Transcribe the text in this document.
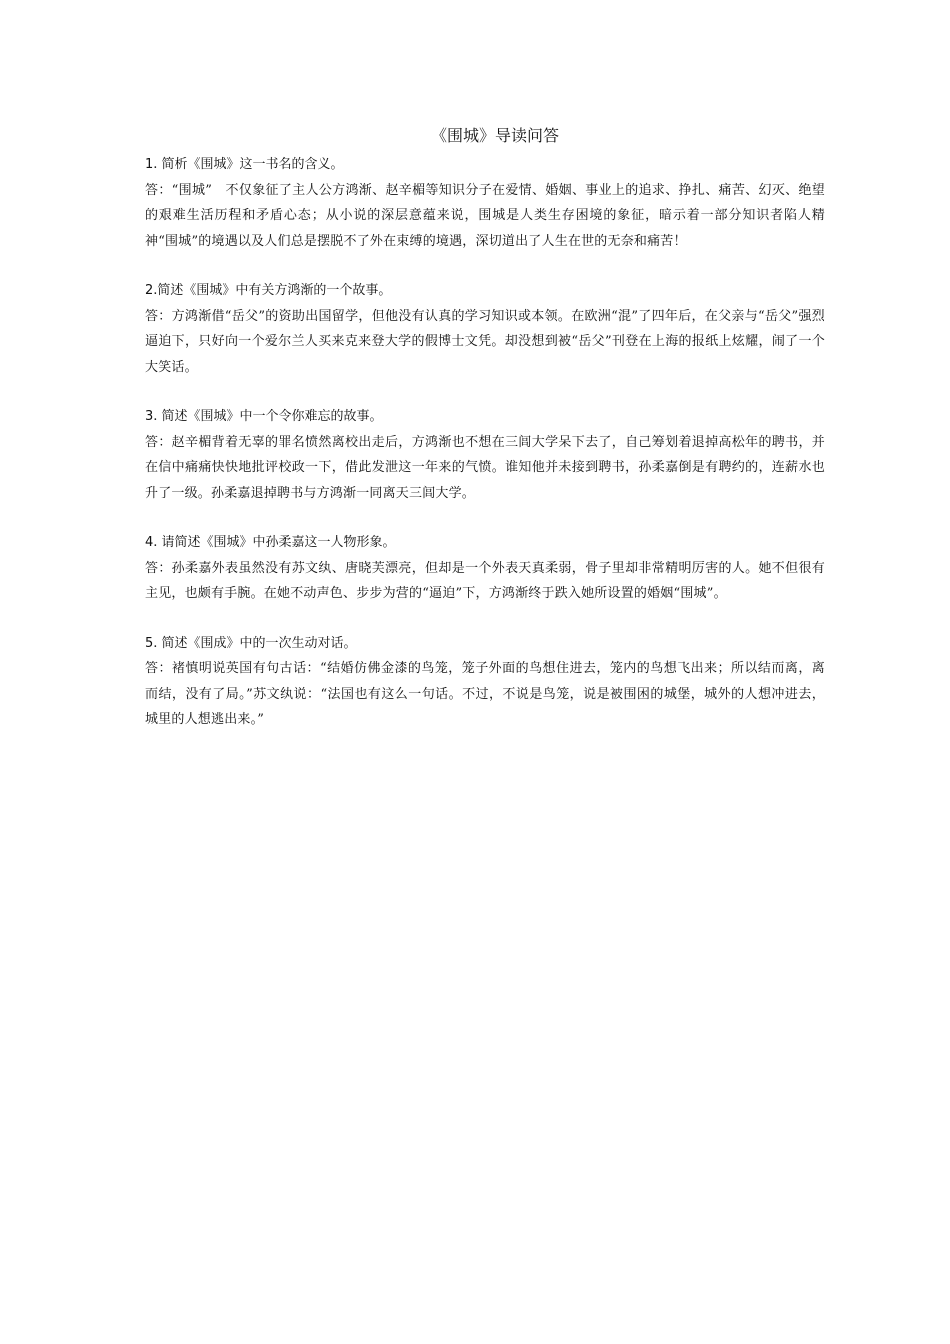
《围城》导读问答

1. 简析《围城》这一书名的含义。

答：“围城”　不仅象征了主人公方鸿渐、赵辛楣等知识分子在爱情、婚姻、事业上的追求、挣扎、痛苦、幻灭、绝望的艰难生活历程和矛盾心态；从小说的深层意蕴来说，围城是人类生存困境的象征，暗示着一部分知识者陷人精神“围城”的境遇以及人们总是摆脱不了外在束缚的境遇，深切道出了人生在世的无奈和痛苦！

2.简述《围城》中有关方鸿渐的一个故事。

答：方鸿渐借“岳父”的资助出国留学，但他没有认真的学习知识或本领。在欧洲“混”了四年后，在父亲与“岳父”强烈逼迫下，只好向一个爱尔兰人买来克来登大学的假博士文凭。却没想到被“岳父”刊登在上海的报纸上炫耀，闹了一个大笑话。

3. 简述《围城》中一个令你难忘的故事。

答：赵辛楣背着无辜的罪名愤然离校出走后，方鸿渐也不想在三闾大学呆下去了，自己筹划着退掉高松年的聘书，并在信中痛痛快快地批评校政一下，借此发泄这一年来的气愤。谁知他并未接到聘书，孙柔嘉倒是有聘约的，连薪水也升了一级。孙柔嘉退掉聘书与方鸿渐一同离天三闾大学。

4. 请简述《围城》中孙柔嘉这一人物形象。

答：孙柔嘉外表虽然没有苏文纨、唐晓芙漂亮，但却是一个外表天真柔弱，骨子里却非常精明厉害的人。她不但很有主见，也颇有手腕。在她不动声色、步步为营的“逼迫”下，方鸿渐终于跌入她所设置的婚姻“围城”。

5. 简述《围成》中的一次生动对话。

答：褚慎明说英国有句古话：“结婚仿佛金漆的鸟笼，笼子外面的鸟想住进去，笼内的鸟想飞出来；所以结而离，离而结，没有了局。”苏文纨说：“法国也有这么一句话。不过，不说是鸟笼，说是被围困的城堡，城外的人想冲进去，城里的人想逃出来。”
